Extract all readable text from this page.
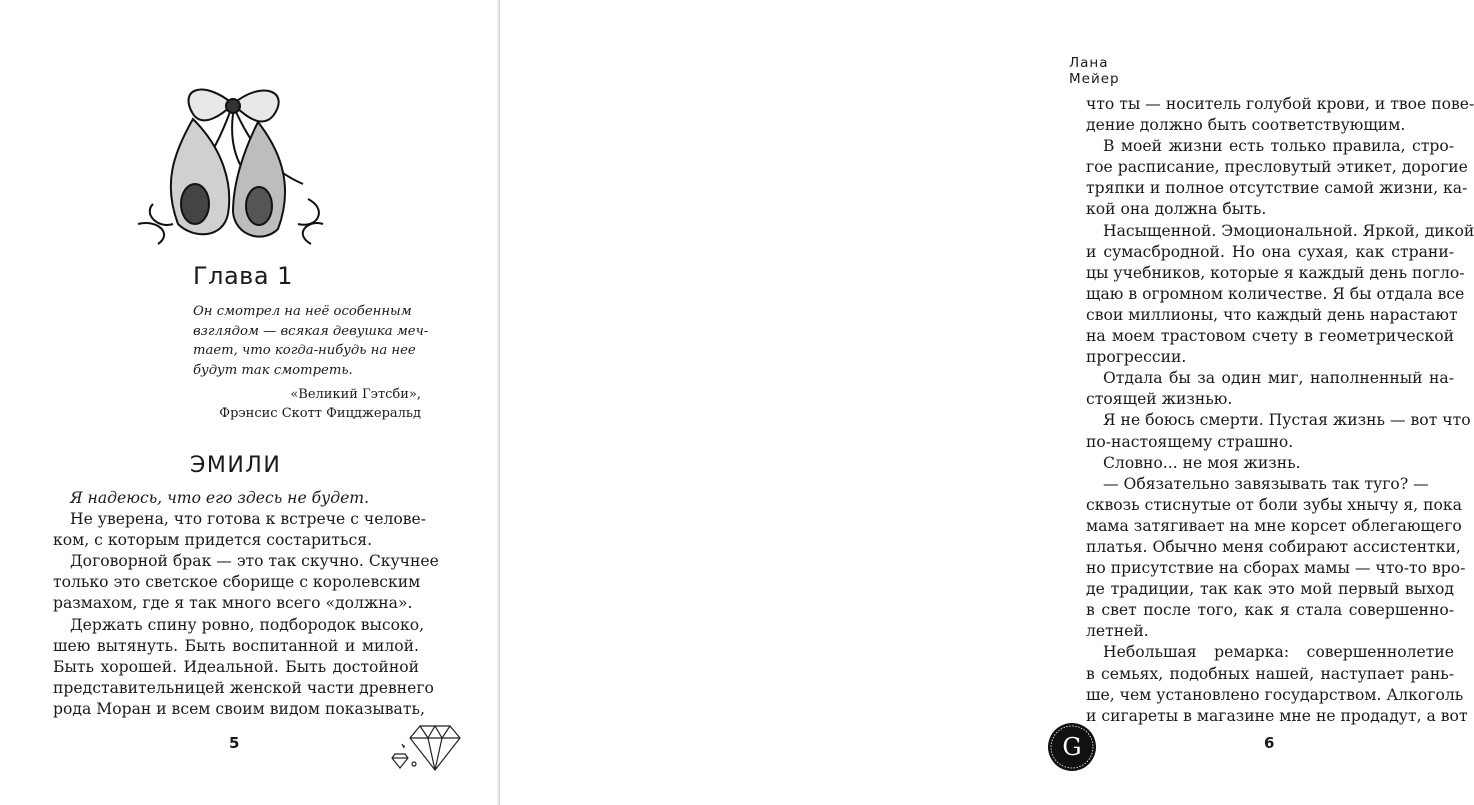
Глава 1
Он смотрел на неё особенным
взглядом — всякая девушка меч-
тает, что когда-нибудь на нее
будут так смотреть.
«Великий Гэтсби»,
Фрэнсис Скотт Фицджеральд
ЭМИЛИ
Я надеюсь, что его здесь не будет.
Не уверена, что готова к встрече с челове-
ком, с которым придется состариться.
Договорной брак — это так скучно. Скучнее
только это светское сборище с королевским
размахом, где я так много всего «должна».
Держать спину ровно, подбородок высоко,
шею вытянуть. Быть воспитанной и милой.
Быть хорошей. Идеальной. Быть достойной
представительницей женской части древнего
рода Моран и всем своим видом показывать,
5
Лана Мейер
что ты — носитель голубой крови, и твое пове-
дение должно быть соответствующим.
В моей жизни есть только правила, стро-
гое расписание, пресловутый этикет, дорогие
тряпки и полное отсутствие самой жизни, ка-
кой она должна быть.
Насыщенной. Эмоциональной. Яркой, дикой
и сумасбродной. Но она сухая, как страни-
цы учебников, которые я каждый день погло-
щаю в огромном количестве. Я бы отдала все
свои миллионы, что каждый день нарастают
на моем трастовом счету в геометрической
прогрессии.
Отдала бы за один миг, наполненный на-
стоящей жизнью.
Я не боюсь смерти. Пустая жизнь — вот что
по-настоящему страшно.
Словно... не моя жизнь.
— Обязательно завязывать так туго? —
сквозь стиснутые от боли зубы хнычу я, пока
мама затягивает на мне корсет облегающего
платья. Обычно меня собирают ассистентки,
но присутствие на сборах мамы — что-то вро-
де традиции, так как это мой первый выход
в свет после того, как я стала совершенно-
летней.
Небольшая ремарка: совершеннолетие
в семьях, подобных нашей, наступает рань-
ше, чем установлено государством. Алкоголь
и сигареты в магазине мне не продадут, а вот
G	6
